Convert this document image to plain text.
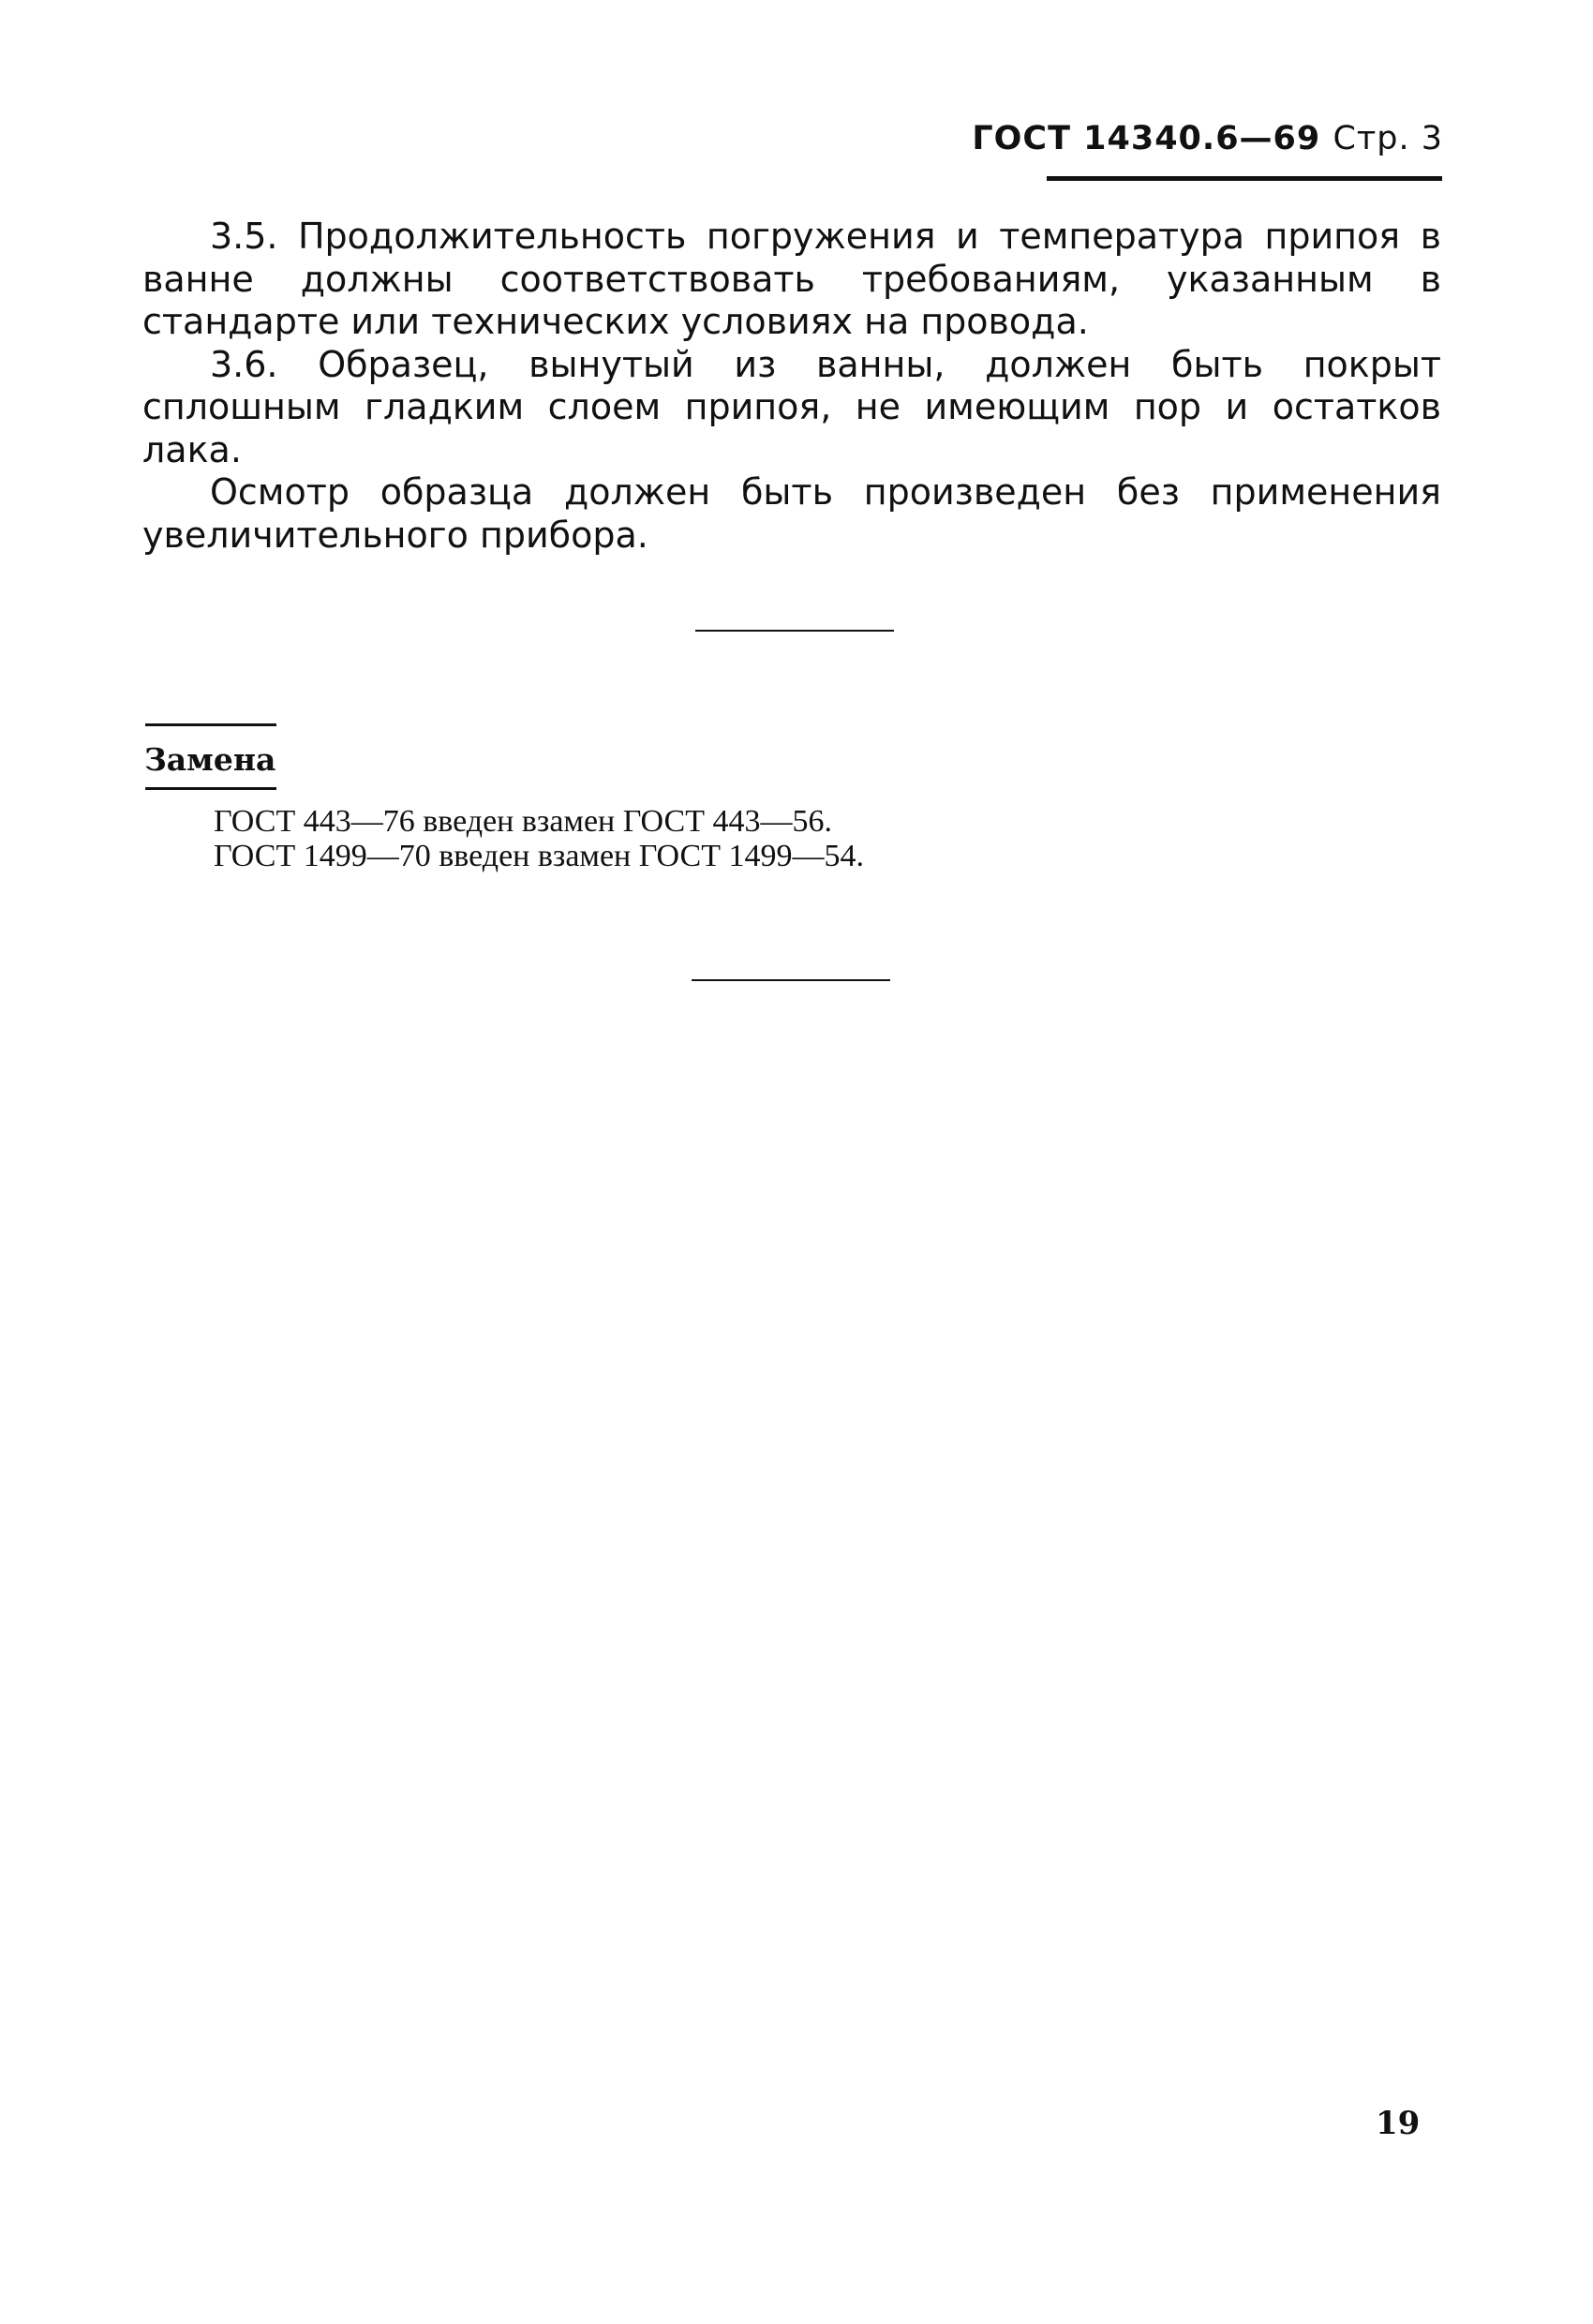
ГОСТ 14340.6—69 Стр. 3

3.5. Продолжительность погружения и температура припоя в ванне должны соответствовать требованиям, указанным в стандарте или технических условиях на провода.

3.6. Образец, вынутый из ванны, должен быть покрыт сплошным гладким слоем припоя, не имеющим пор и остатков лака.

Осмотр образца должен быть произведен без применения увеличительного прибора.

Замена
ГОСТ 443—76 введен взамен ГОСТ 443—56.
ГОСТ 1499—70 введен взамен ГОСТ 1499—54.
19
